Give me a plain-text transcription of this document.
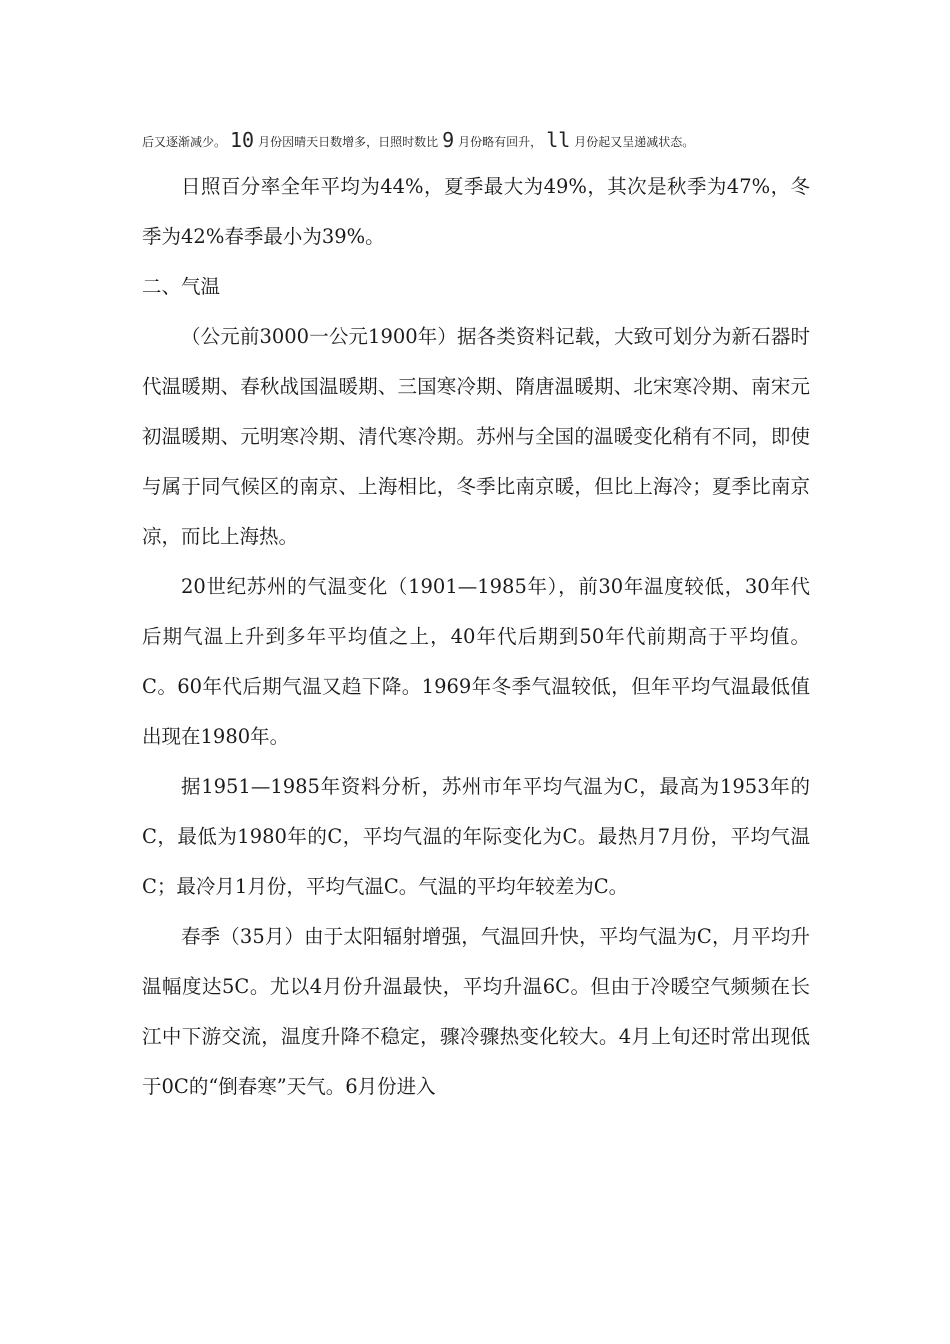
后又逐渐减少。 10 月份因晴天日数增多，日照时数比 9 月份略有回升， ll 月份起又呈递减状态。

日照百分率全年平均为44%，夏季最大为49%，其次是秋季为47%，冬季为42%春季最小为39%。

二、气温

（公元前3000一公元1900年）据各类资料记载，大致可划分为新石器时代温暖期、春秋战国温暖期、三国寒冷期、隋唐温暖期、北宋寒冷期、南宋元初温暖期、元明寒冷期、清代寒冷期。苏州与全国的温暖变化稍有不同，即使与属于同气候区的南京、上海相比，冬季比南京暖，但比上海冷；夏季比南京凉，而比上海热。

20世纪苏州的气温变化（1901—1985年），前30年温度较低，30年代后期气温上升到多年平均值之上，40年代后期到50年代前期高于平均值。C。60年代后期气温又趋下降。1969年冬季气温较低，但年平均气温最低值出现在1980年。

据1951—1985年资料分析，苏州市年平均气温为C，最高为1953年的C，最低为1980年的C，平均气温的年际变化为C。最热月7月份，平均气温C；最冷月1月份，平均气温C。气温的平均年较差为C。

春季（35月）由于太阳辐射增强，气温回升快，平均气温为C，月平均升温幅度达5C。尤以4月份升温最快，平均升温6C。但由于冷暖空气频频在长江中下游交流，温度升降不稳定，骤冷骤热变化较大。4月上旬还时常出现低于0C的“倒春寒”天气。6月份进入
